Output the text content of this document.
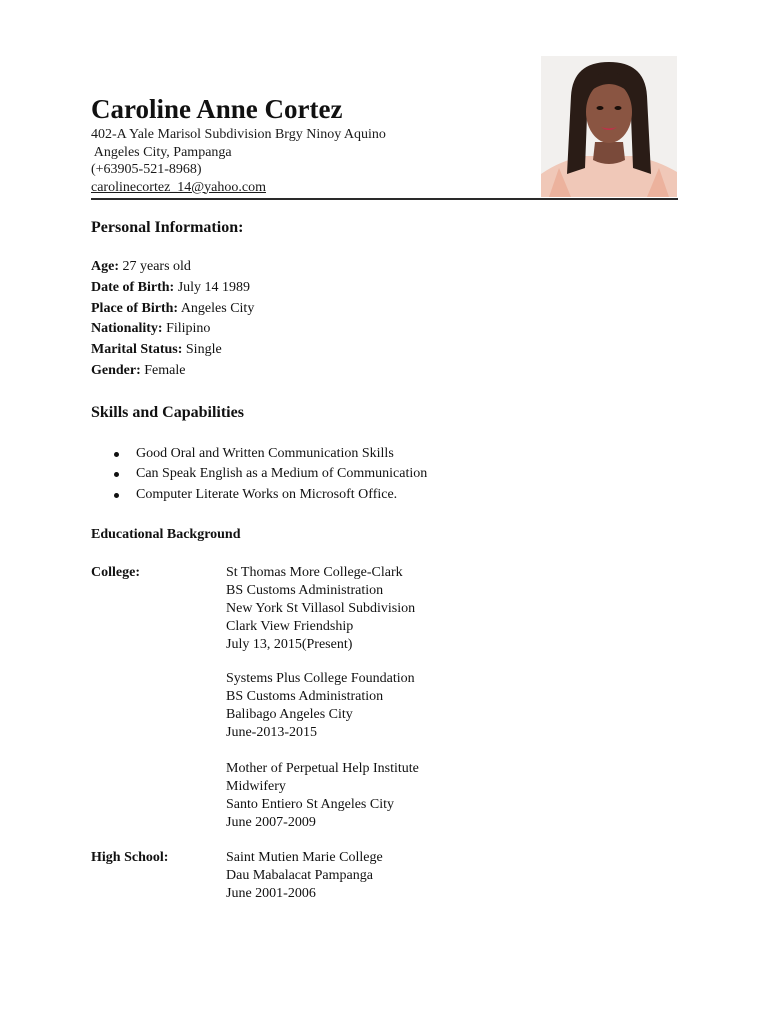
Caroline Anne Cortez
402-A Yale Marisol Subdivision Brgy Ninoy Aquino
Angeles City, Pampanga
(+63905-521-8968)
carolinecortez_14@yahoo.com
Personal Information:
Age: 27 years old
Date of Birth: July 14 1989
Place of Birth: Angeles City
Nationality: Filipino
Marital Status: Single
Gender: Female
Skills and Capabilities
Good Oral and Written Communication Skills
Can Speak English as a Medium of Communication
Computer Literate Works on Microsoft Office.
Educational Background
College:	St Thomas More College-Clark
BS Customs Administration
New York St Villasol Subdivision
Clark View Friendship
July 13, 2015(Present)
Systems Plus College Foundation
BS Customs Administration
Balibago Angeles City
June-2013-2015
Mother of Perpetual Help Institute
Midwifery
Santo Entiero St Angeles City
June 2007-2009
High School:	Saint Mutien Marie College
Dau Mabalacat Pampanga
June 2001-2006
